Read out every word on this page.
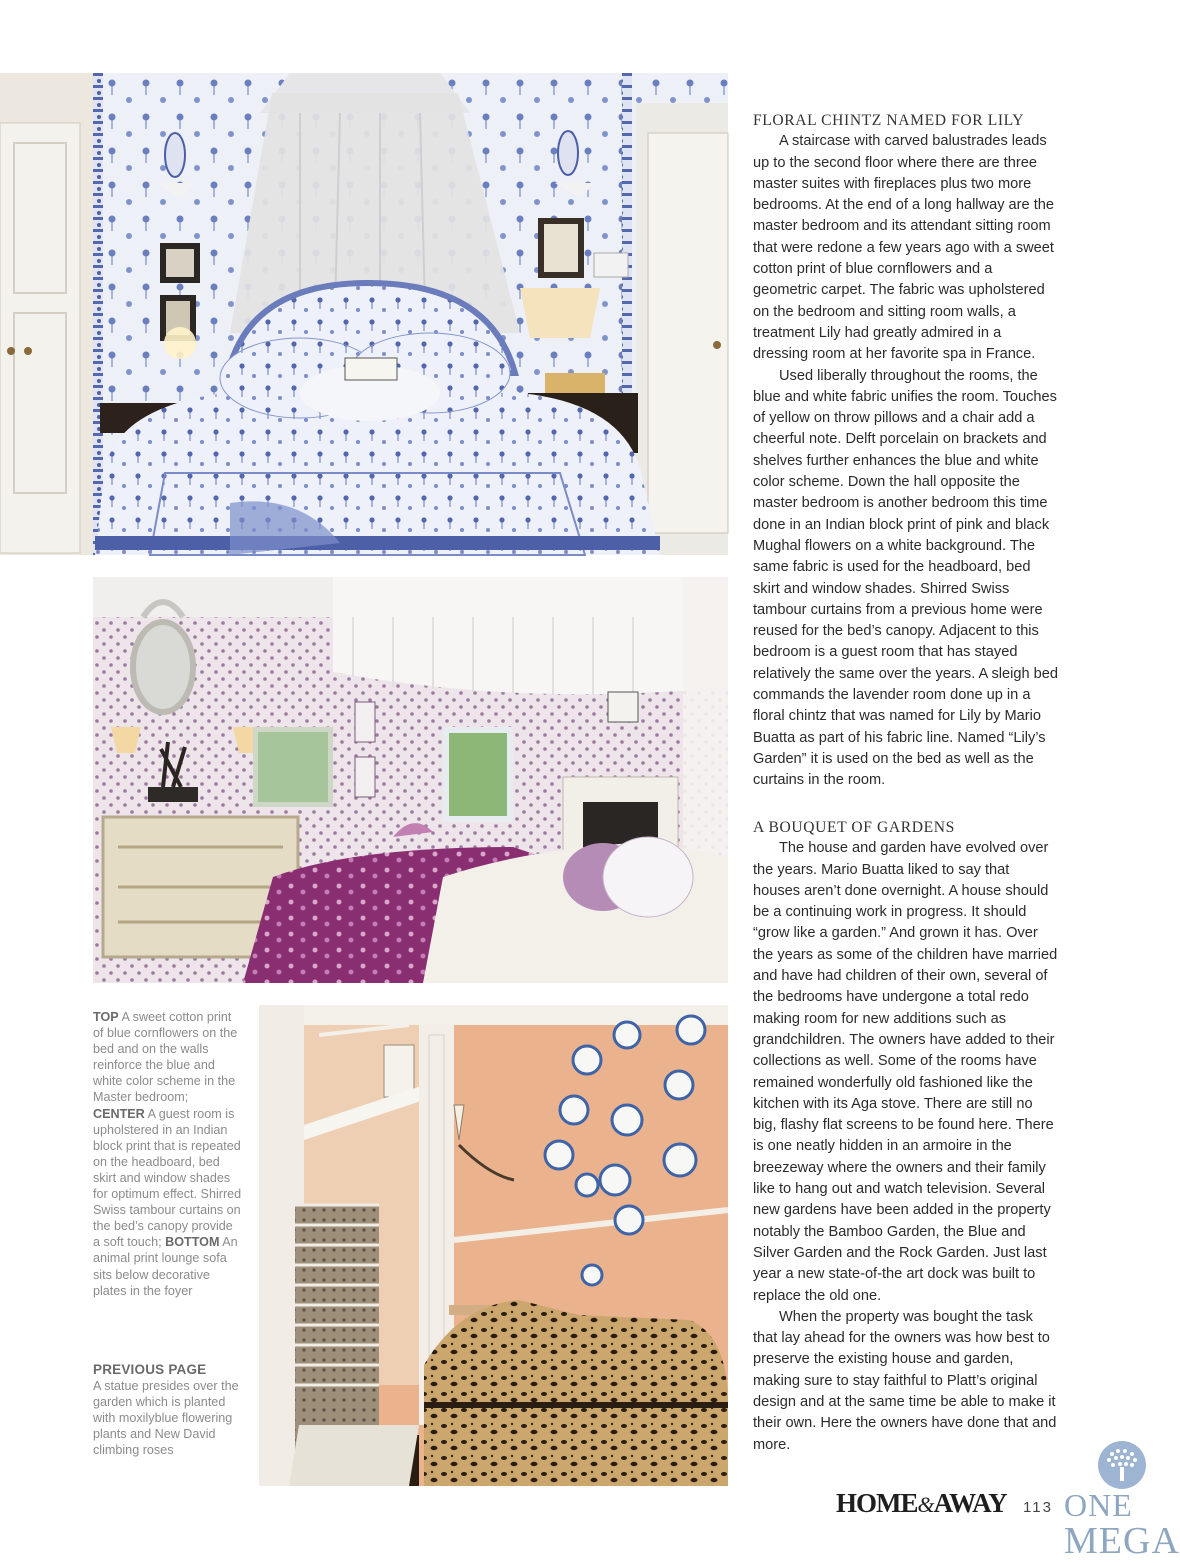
TOP A sweet cotton print of blue cornflowers on the bed and on the walls reinforce the blue and white color scheme in the Master bedroom; CENTER A guest room is upholstered in an Indian block print that is repeated on the headboard, bed skirt and window shades for optimum effect. Shirred Swiss tambour curtains on the bed’s canopy provide a soft touch; BOTTOM An animal print lounge sofa sits below decorative plates in the foyer
PREVIOUS PAGE
A statue presides over the garden which is planted with moxilyblue flowering plants and New David climbing roses
FLORAL CHINTZ NAMED FOR LILY

A staircase with carved balustrades leads up to the second floor where there are three master suites with fireplaces plus two more bedrooms. At the end of a long hallway are the master bedroom and its attendant sitting room that were redone a few years ago with a sweet cotton print of blue cornflowers and a geometric carpet. The fabric was upholstered on the bedroom and sitting room walls, a treatment Lily had greatly admired in a dressing room at her favorite spa in France.

Used liberally throughout the rooms, the blue and white fabric unifies the room. Touches of yellow on throw pillows and a chair add a cheerful note. Delft porcelain on brackets and shelves further enhances the blue and white color scheme. Down the hall opposite the master bedroom is another bedroom this time done in an Indian block print of pink and black Mughal flowers on a white background. The same fabric is used for the headboard, bed skirt and window shades. Shirred Swiss tambour curtains from a previous home were reused for the bed’s canopy. Adjacent to this bedroom is a guest room that has stayed relatively the same over the years. A sleigh bed commands the lavender room done up in a floral chintz that was named for Lily by Mario Buatta as part of his fabric line. Named “Lily’s Garden” it is used on the bed as well as the curtains in the room.

A BOUQUET OF GARDENS

The house and garden have evolved over the years. Mario Buatta liked to say that houses aren’t done overnight. A house should be a continuing work in progress. It should “grow like a garden.” And grown it has. Over the years as some of the children have married and have had children of their own, several of the bedrooms have undergone a total redo making room for new additions such as grandchildren. The owners have added to their collections as well. Some of the rooms have remained wonderfully old fashioned like the kitchen with its Aga stove. There are still no big, flashy flat screens to be found here. There is one neatly hidden in an armoire in the breezeway where the owners and their family like to hang out and watch television. Several new gardens have been added in the property notably the Bamboo Garden, the Blue and Silver Garden and the Rock Garden. Just last year a new state-of-the art dock was built to replace the old one.

When the property was bought the task that lay ahead for the owners was how best to preserve the existing house and garden, making sure to stay faithful to Platt’s original design and at the same time be able to make it their own. Here the owners have done that and more.

HOME&AWAY 113 ONE
MEGA
